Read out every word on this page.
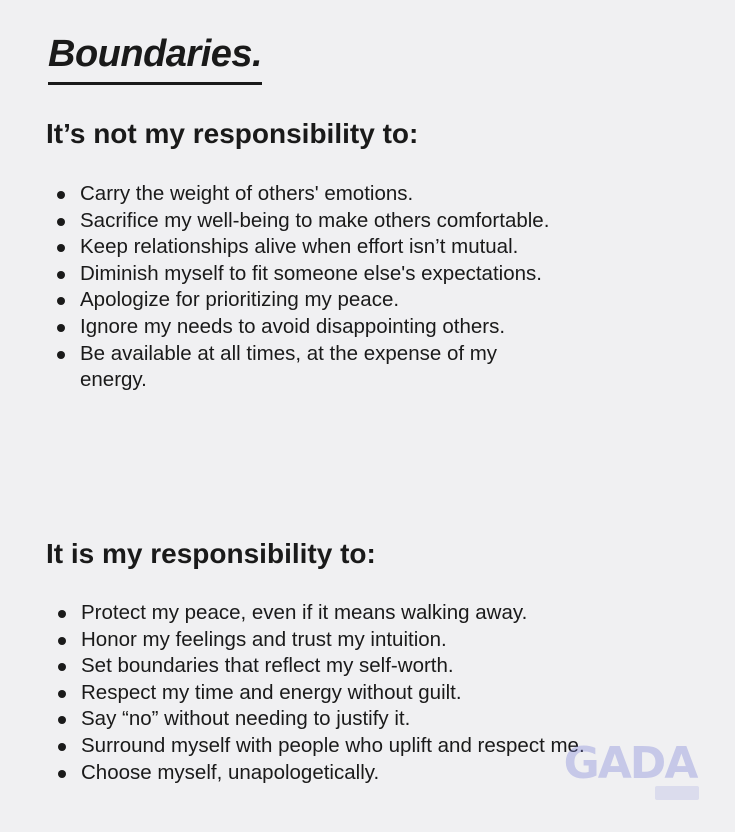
Boundaries.
It’s not my responsibility to:
Carry the weight of others' emotions.
Sacrifice my well-being to make others comfortable.
Keep relationships alive when effort isn’t mutual.
Diminish myself to fit someone else's expectations.
Apologize for prioritizing my peace.
Ignore my needs to avoid disappointing others.
Be available at all times, at the expense of my energy.
It is my responsibility to:
Protect my peace, even if it means walking away.
Honor my feelings and trust my intuition.
Set boundaries that reflect my self-worth.
Respect my time and energy without guilt.
Say “no” without needing to justify it.
Surround myself with people who uplift and respect me.
Choose myself, unapologetically.	GADA
